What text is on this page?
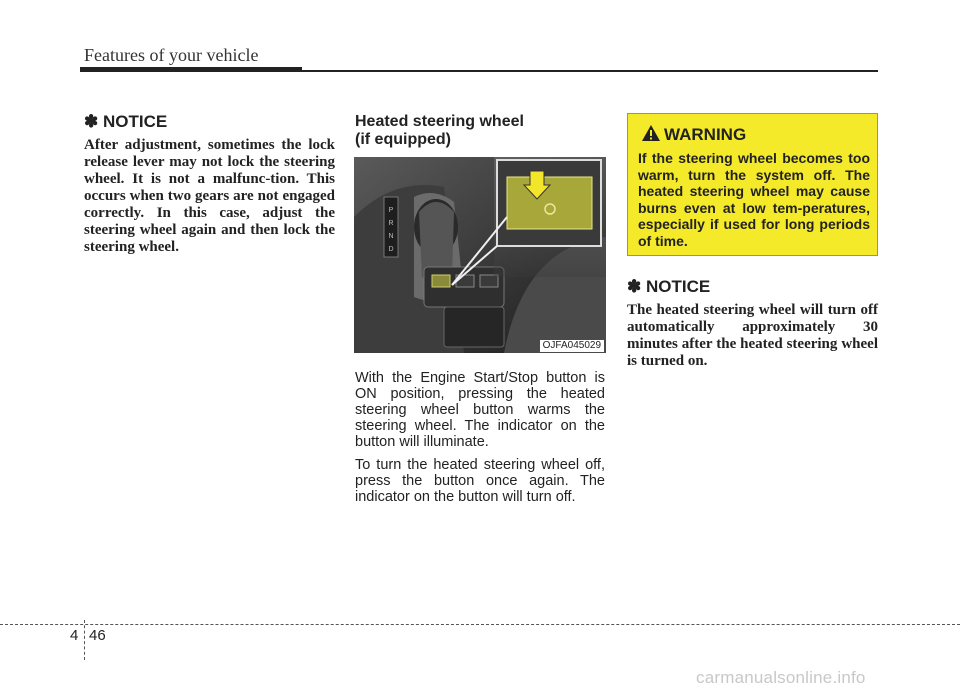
Features of your vehicle
✽ NOTICE
After adjustment, sometimes the lock release lever may not lock the steering wheel. It is not a malfunc-tion. This occurs when two gears are not engaged correctly. In this case, adjust the steering wheel again and then lock the steering wheel.
Heated steering wheel
(if equipped)
P
R
N
D
OJFA045029
With the Engine Start/Stop button is ON position, pressing the heated steering wheel button warms the steering wheel. The indicator on the button will illuminate.
To turn the heated steering wheel off, press the button once again. The indicator on the button will turn off.
WARNING
If the steering wheel becomes too warm, turn the system off. The heated steering wheel may cause burns even at low tem-peratures, especially if used for long periods of time.
✽ NOTICE
The heated steering wheel will turn off automatically approximately 30 minutes after the heated steering wheel is turned on.
4 46
carmanualsonline.info
